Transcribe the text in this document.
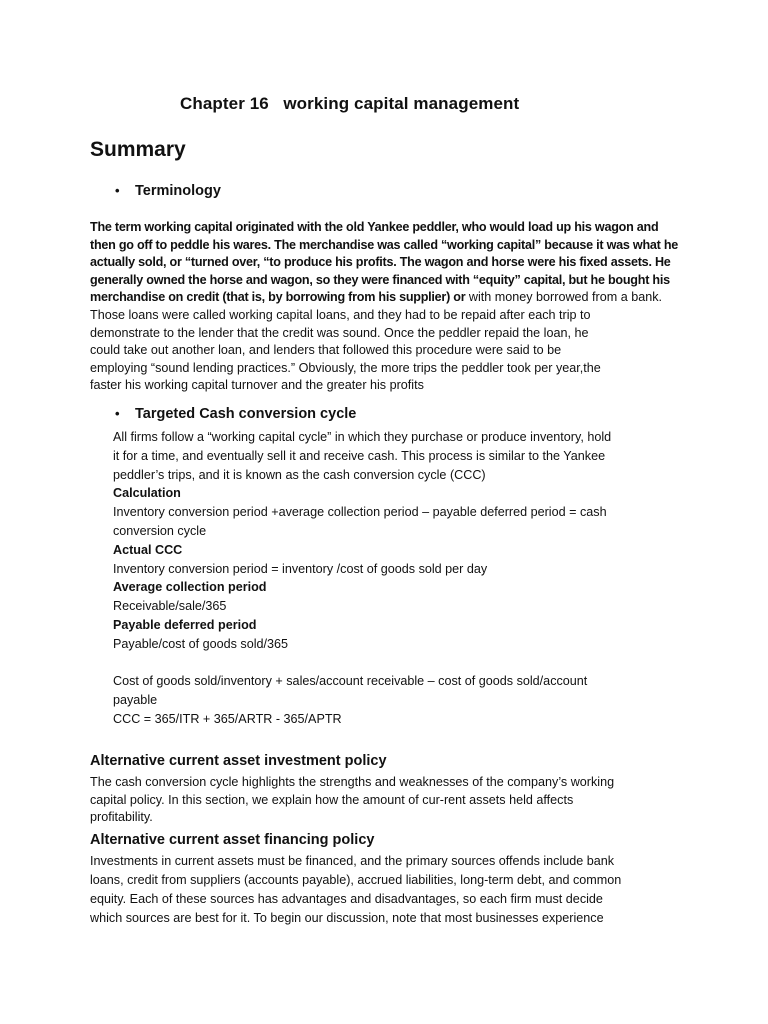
Chapter 16   working capital management
Summary
• Terminology
The term working capital originated with the old Yankee peddler, who would load up his wagon and
then go off to peddle his wares. The merchandise was called “working capital” because it was what he
actually sold, or “turned over, “to produce his profits. The wagon and horse were his fixed assets. He
generally owned the horse and wagon, so they were financed with “equity” capital, but he bought his
merchandise on credit (that is, by borrowing from his supplier) or with money borrowed from a bank.
Those loans were called working capital loans, and they had to be repaid after each trip to
demonstrate to the lender that the credit was sound. Once the peddler repaid the loan, he
could take out another loan, and lenders that followed this procedure were said to be
employing “sound lending practices.” Obviously, the more trips the peddler took per year,the
faster his working capital turnover and the greater his profits
• Targeted Cash conversion cycle
All firms follow a “working capital cycle” in which they purchase or produce inventory, hold
it for a time, and eventually sell it and receive cash. This process is similar to the Yankee
peddler’s trips, and it is known as the cash conversion cycle (CCC)
Calculation
Inventory conversion period +average collection period – payable deferred period = cash
conversion cycle
Actual CCC
Inventory conversion period = inventory /cost of goods sold per day
Average collection period
Receivable/sale/365
Payable deferred period
Payable/cost of goods sold/365
Cost of goods sold/inventory + sales/account receivable – cost of goods sold/account
payable
CCC = 365/ITR + 365/ARTR - 365/APTR
Alternative current asset investment policy
The cash conversion cycle highlights the strengths and weaknesses of the company’s working
capital policy. In this section, we explain how the amount of cur-rent assets held affects
profitability.
Alternative current asset financing policy
Investments in current assets must be financed, and the primary sources offends include bank
loans, credit from suppliers (accounts payable), accrued liabilities, long-term debt, and common
equity. Each of these sources has advantages and disadvantages, so each firm must decide
which sources are best for it. To begin our discussion, note that most businesses experience
